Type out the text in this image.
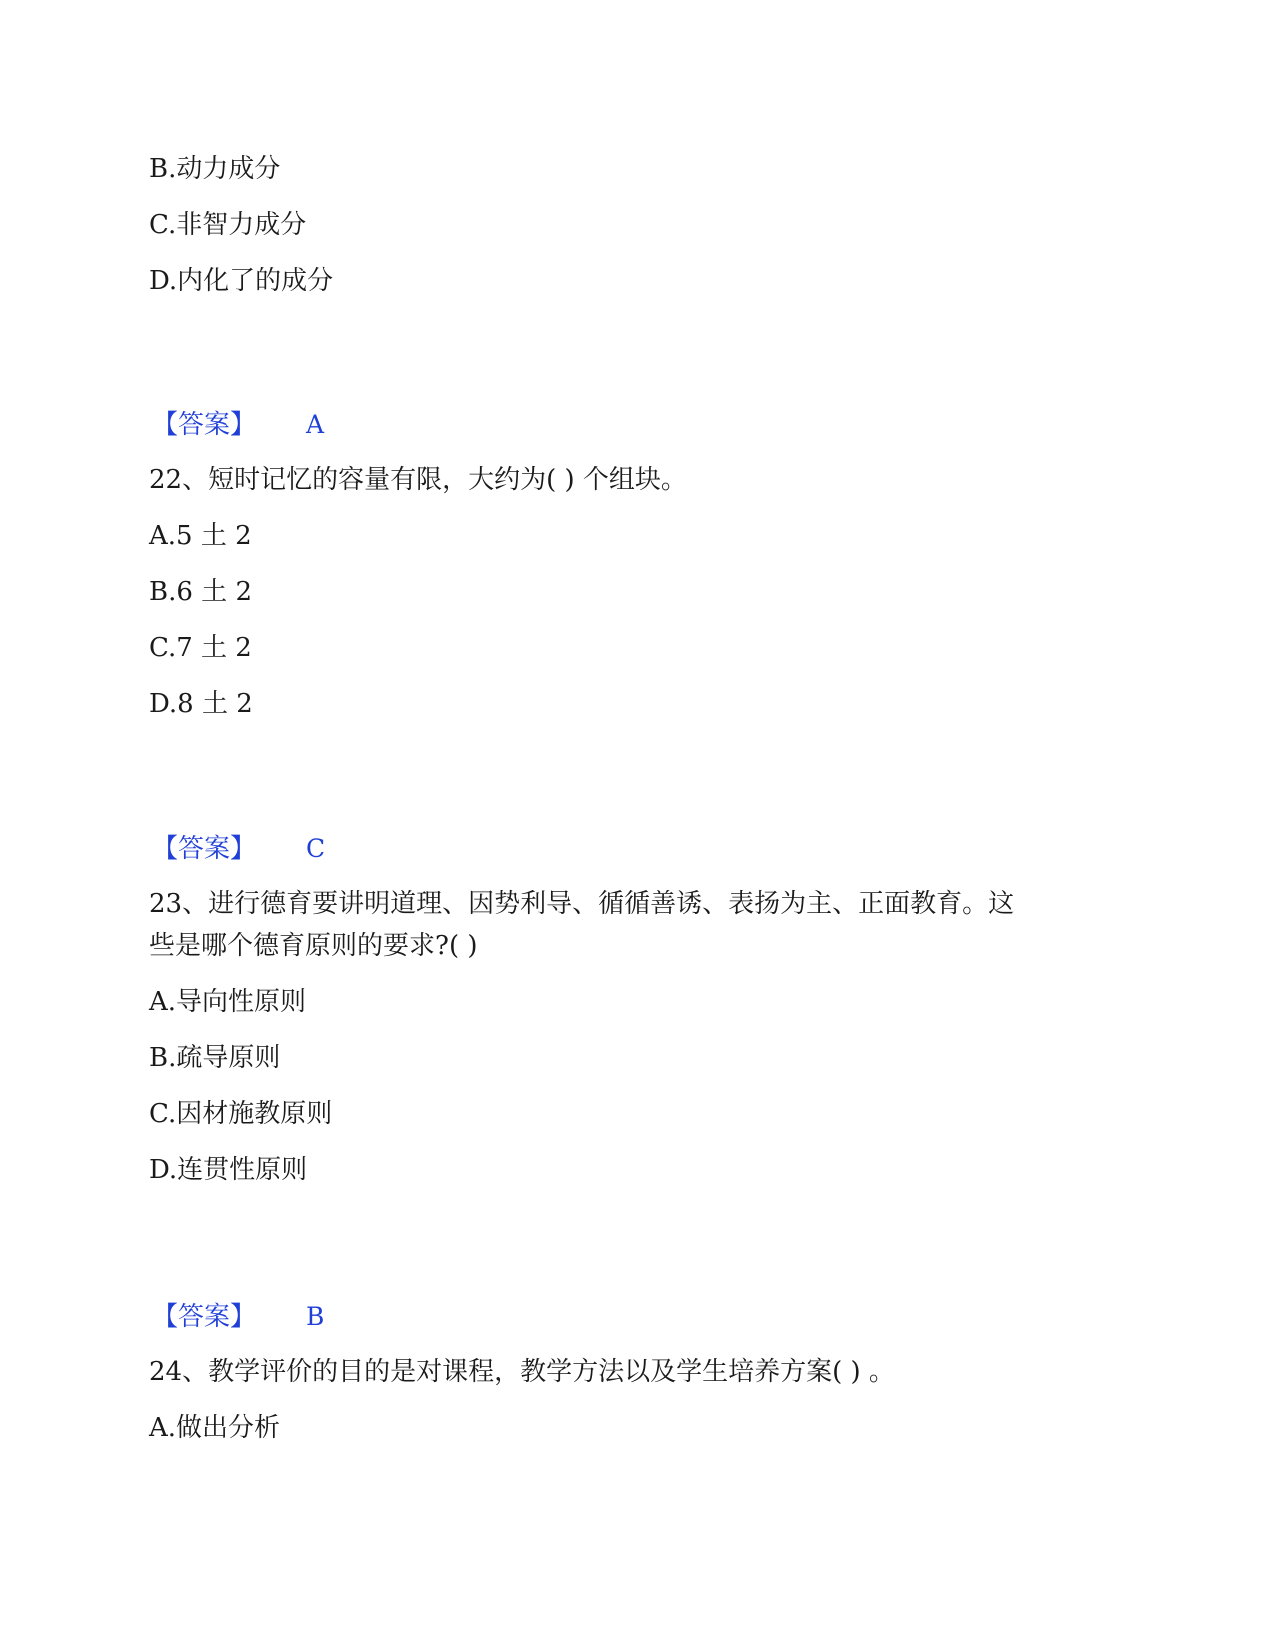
B.动力成分
C.非智力成分
D.内化了的成分
【答案】 A
22、短时记忆的容量有限，大约为( ) 个组块。
A.5 土 2
B.6 土 2
C.7 土 2
D.8 土 2
【答案】 C
23、进行德育要讲明道理、因势利导、循循善诱、表扬为主、正面教育。这
些是哪个德育原则的要求?( )
A.导向性原则
B.疏导原则
C.因材施教原则
D.连贯性原则
【答案】 B
24、教学评价的目的是对课程，教学方法以及学生培养方案( ) 。
A.做出分析
